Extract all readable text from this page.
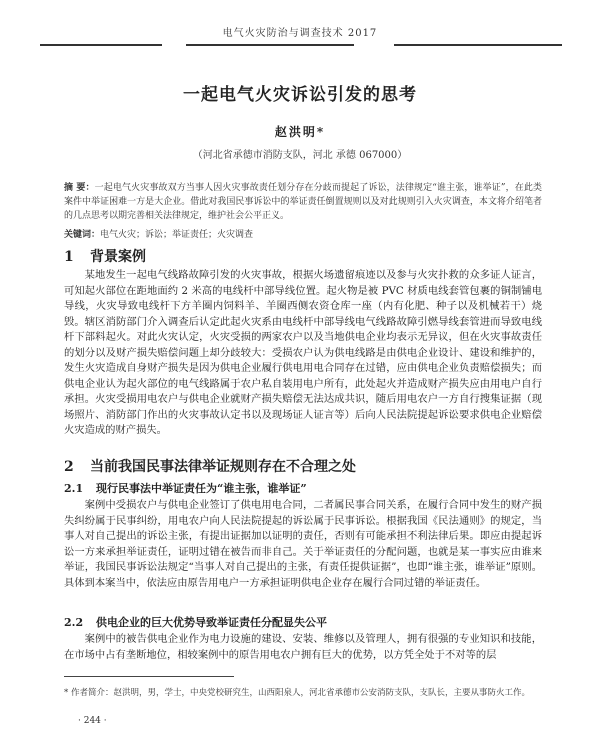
电气火灾防治与调查技术 2017
一起电气火灾诉讼引发的思考
赵洪明*
（河北省承德市消防支队，河北 承德 067000）
摘 要：一起电气火灾事故双方当事人因火灾事故责任划分存在分歧而提起了诉讼，法律规定“谁主张，谁举证”，在此类案件中举证困难一方是大企业。借此对我国民事诉讼中的举证责任倒置规则以及对此规则引入火灾调查，本文将介绍笔者的几点思考以期完善相关法律规定，维护社会公平正义。
关键词：电气火灾；诉讼；举证责任；火灾调查
1 背景案例
某地发生一起电气线路故障引发的火灾事故，根据火场遗留痕迹以及参与火灾扑救的众多证人证言，可知起火部位在距地面约 2 米高的电线杆中部导线位置。起火物是被 PVC 材质电线套管包裹的铜制铺电导线，火灾导致电线杆下方羊圈内饲料羊、羊圈西侧农资仓库一座（内有化肥、种子以及机械若干）烧毁。辖区消防部门介入调查后认定此起火灾系由电线杆中部导线电气线路故障引燃导线套管进而导致电线杆下部料起火。对此火灾认定，火灾受损的两家农户以及当地供电企业均表示无异议，但在火灾事故责任的划分以及财产损失赔偿问题上却分歧较大：受损农户认为供电线路是由供电企业设计、建设和维护的，发生火灾造成自身财产损失是因为供电企业履行供电用电合同存在过错，应由供电企业负责赔偿损失；而供电企业认为起火部位的电气线路属于农户私自装用电户所有，此处起火并造成财产损失应由用电户自行承担。火灾受损用电农户与供电企业就财产损失赔偿无法达成共识，随后用电农户一方自行搜集证据（现场照片、消防部门作出的火灾事故认定书以及现场证人证言等）后向人民法院提起诉讼要求供电企业赔偿火灾造成的财产损失。
2 当前我国民事法律举证规则存在不合理之处
2.1 现行民事法中举证责任为“谁主张，谁举证”
案例中受损农户与供电企业签订了供电用电合同，二者属民事合同关系，在履行合同中发生的财产损失纠纷属于民事纠纷，用电农户向人民法院提起的诉讼属于民事诉讼。根据我国《民法通则》的规定，当事人对自己提出的诉讼主张，有提出证据加以证明的责任，否则有可能承担不利法律后果。即应由提起诉讼一方来承担举证责任，证明过错在被告而非自己。关于举证责任的分配问题，也就是某一事实应由谁来举证，我国民事诉讼法规定“当事人对自己提出的主张，有责任提供证据”，也即“谁主张，谁举证”原则。具体到本案当中，依法应由原告用电户一方承担证明供电企业存在履行合同过错的举证责任。
2.2 供电企业的巨大优势导致举证责任分配显失公平
案例中的被告供电企业作为电力设施的建设、安装、维修以及管理人，拥有很强的专业知识和技能，在市场中占有垄断地位，相较案例中的原告用电农户拥有巨大的优势，以方凭全处于不对等的层
* 作者简介：赵洪明，男，学士，中央党校研究生，山西阳泉人，河北省承德市公安消防支队，支队长，主要从事防火工作。
· 244 ·
